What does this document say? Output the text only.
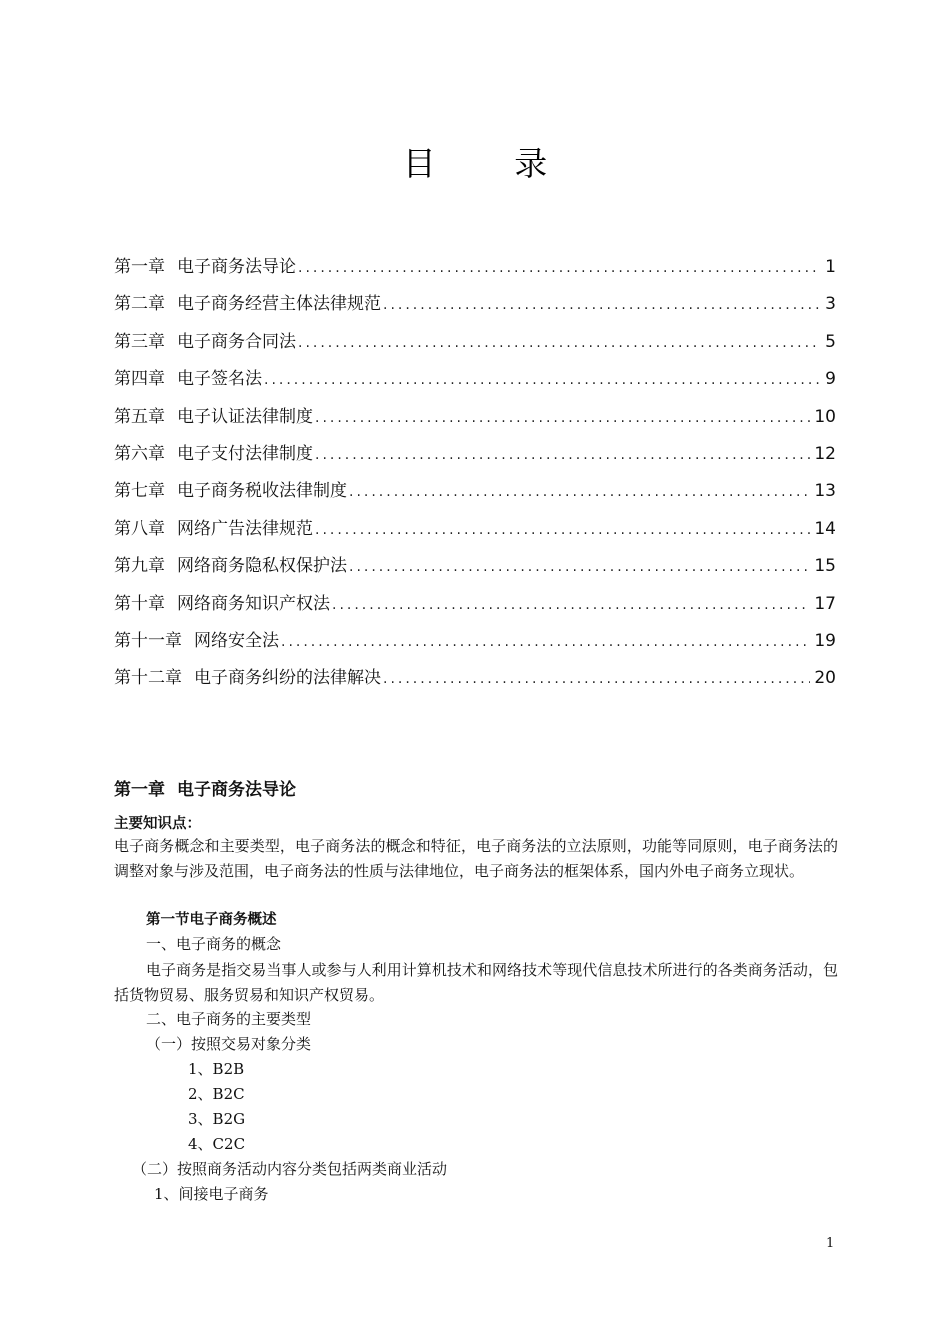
目 录
第一章 电子商务法导论 .....	1
第二章 电子商务经营主体法律规范 .....	3
第三章 电子商务合同法 .....	5
第四章 电子签名法 .....	9
第五章 电子认证法律制度 .....	10
第六章 电子支付法律制度 .....	12
第七章 电子商务税收法律制度 .....	13
第八章 网络广告法律规范 .....	14
第九章 网络商务隐私权保护法 .....	15
第十章 网络商务知识产权法 .....	17
第十一章 网络安全法 .....	19
第十二章 电子商务纠纷的法律解决 .....	20
第一章 电子商务法导论
主要知识点：
电子商务概念和主要类型，电子商务法的概念和特征，电子商务法的立法原则，功能等同原则，电子商务法的调整对象与涉及范围，电子商务法的性质与法律地位，电子商务法的框架体系，国内外电子商务立现状。
第一节电子商务概述
一、电子商务的概念
电子商务是指交易当事人或参与人利用计算机技术和网络技术等现代信息技术所进行的各类商务活动，包括货物贸易、服务贸易和知识产权贸易。
二、电子商务的主要类型
（一）按照交易对象分类
1、B2B
2、B2C
3、B2G
4、C2C
（二）按照商务活动内容分类包括两类商业活动
1、间接电子商务
1
